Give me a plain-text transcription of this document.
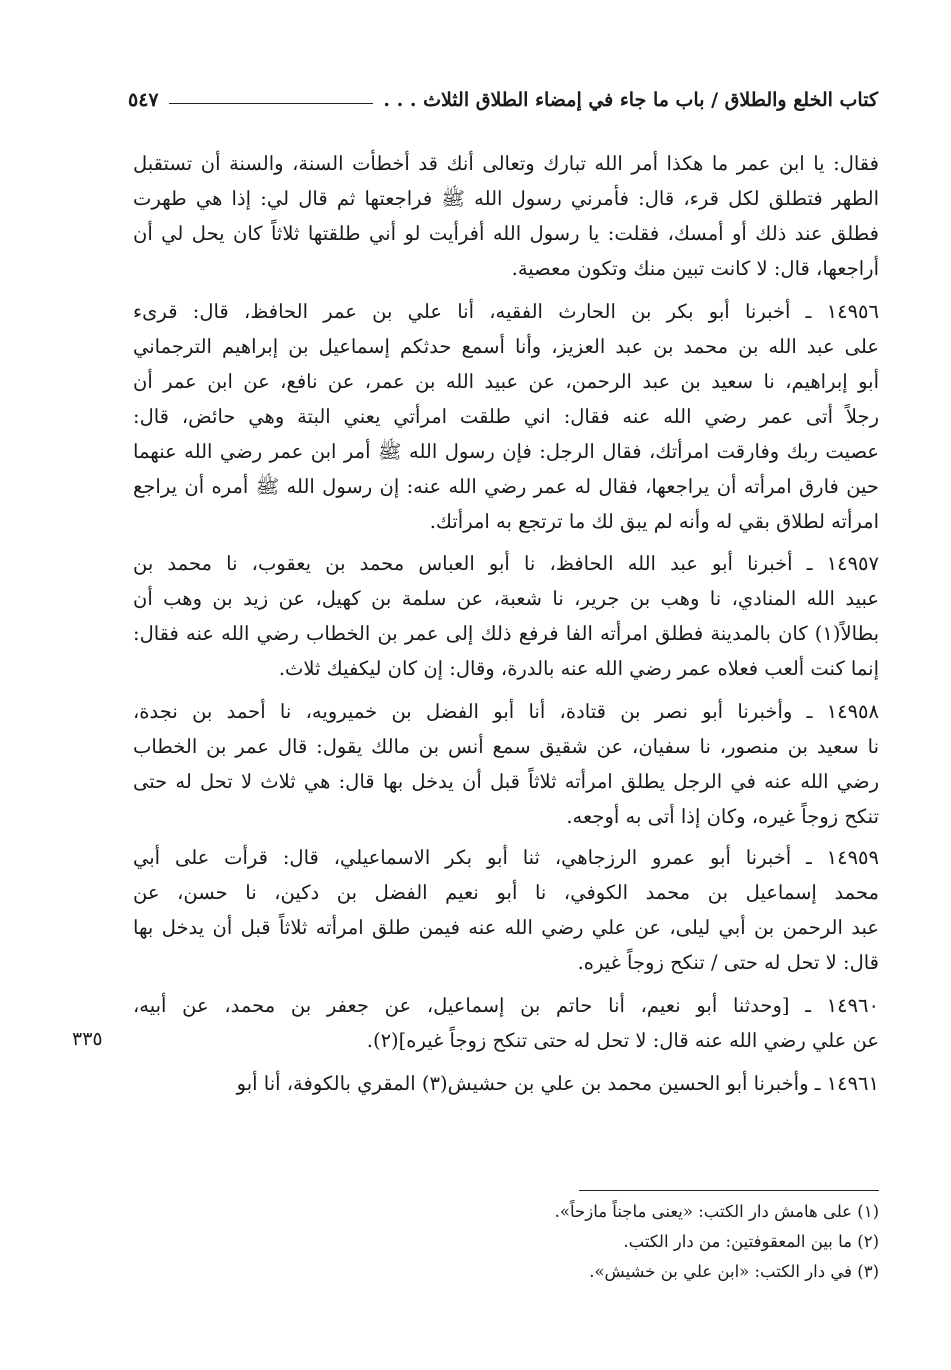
كتاب الخلع والطلاق / باب ما جاء في إمضاء الطلاق الثلاث . . .
٥٤٧
فقال: يا ابن عمر ما هكذا أمر الله تبارك وتعالى أنك قد أخطأت السنة، والسنة أن تستقبل
الطهر فتطلق لكل قرء، قال: فأمرني رسول الله ﷺ فراجعتها ثم قال لي: إذا هي طهرت
فطلق عند ذلك أو أمسك، فقلت: يا رسول الله أفرأيت لو أني طلقتها ثلاثاً كان يحل لي أن
أراجعها، قال: لا كانت تبين منك وتكون معصية.
١٤٩٥٦ ـ أخبرنا أبو بكر بن الحارث الفقيه، أنا علي بن عمر الحافظ، قال: قرىء
على عبد الله بن محمد بن عبد العزيز، وأنا أسمع حدثكم إسماعيل بن إبراهيم الترجماني
أبو إبراهيم، نا سعيد بن عبد الرحمن، عن عبيد الله بن عمر، عن نافع، عن ابن عمر أن
رجلاً أتى عمر رضي الله عنه فقال: اني طلقت امرأتي يعني البتة وهي حائض، قال:
عصيت ربك وفارقت امرأتك، فقال الرجل: فإن رسول الله ﷺ أمر ابن عمر رضي الله عنهما
حين فارق امرأته أن يراجعها، فقال له عمر رضي الله عنه: إن رسول الله ﷺ أمره أن يراجع
امرأته لطلاق بقي له وأنه لم يبق لك ما ترتجع به امرأتك.
١٤٩٥٧ ـ أخبرنا أبو عبد الله الحافظ، نا أبو العباس محمد بن يعقوب، نا محمد بن
عبيد الله المنادي، نا وهب بن جرير، نا شعبة، عن سلمة بن كهيل، عن زيد بن وهب أن
بطالاً(١) كان بالمدينة فطلق امرأته الفا فرفع ذلك إلى عمر بن الخطاب رضي الله عنه فقال:
إنما كنت ألعب فعلاه عمر رضي الله عنه بالدرة، وقال: إن كان ليكفيك ثلاث.
١٤٩٥٨ ـ وأخبرنا أبو نصر بن قتادة، أنا أبو الفضل بن خميرويه، نا أحمد بن نجدة،
نا سعيد بن منصور، نا سفيان، عن شقيق سمع أنس بن مالك يقول: قال عمر بن الخطاب
رضي الله عنه في الرجل يطلق امرأته ثلاثاً قبل أن يدخل بها قال: هي ثلاث لا تحل له حتى
تنكح زوجاً غيره، وكان إذا أتى به أوجعه.
١٤٩٥٩ ـ أخبرنا أبو عمرو الرزجاهي، ثنا أبو بكر الاسماعيلي، قال: قرأت على أبي
محمد إسماعيل بن محمد الكوفي، نا أبو نعيم الفضل بن دكين، نا حسن، عن
عبد الرحمن بن أبي ليلى، عن علي رضي الله عنه فيمن طلق امرأته ثلاثاً قبل أن يدخل بها
قال: لا تحل له حتى / تنكح زوجاً غيره.
٣٣٥
١٤٩٦٠ ـ [وحدثنا أبو نعيم، أنا حاتم بن إسماعيل، عن جعفر بن محمد، عن أبيه،
عن علي رضي الله عنه قال: لا تحل له حتى تنكح زوجاً غيره](٢).
١٤٩٦١ ـ وأخبرنا أبو الحسين محمد بن علي بن حشيش(٣) المقري بالكوفة، أنا أبو
(١) على هامش دار الكتب: «يعنى ماجناً مازحاً».
(٢) ما بين المعقوفتين: من دار الكتب.
(٣) في دار الكتب: «ابن علي بن خشيش».
